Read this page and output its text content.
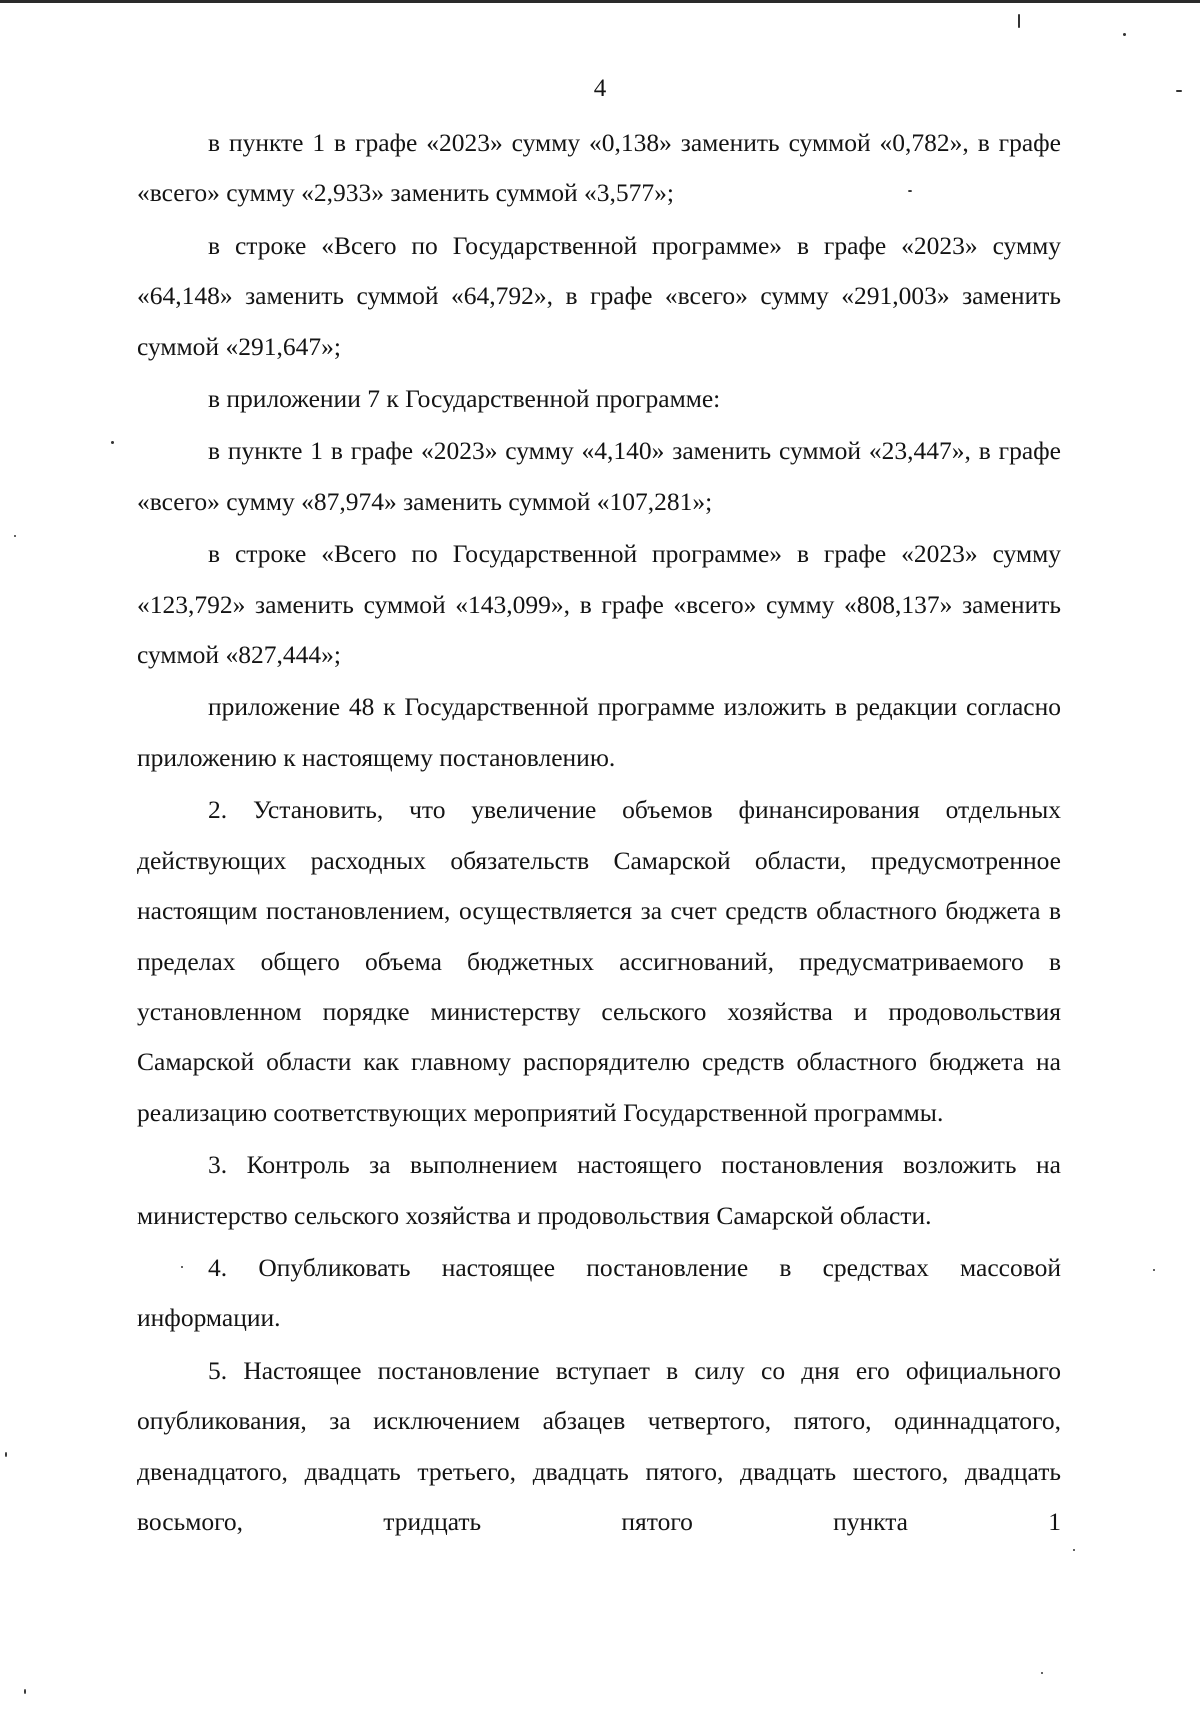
4

в пункте 1 в графе «2023» сумму «0,138» заменить суммой «0,782», в графе «всего» сумму «2,933» заменить суммой «3,577»;

в строке «Всего по Государственной программе» в графе «2023» сумму «64,148» заменить суммой «64,792», в графе «всего» сумму «291,003» заменить суммой «291,647»;

в приложении 7 к Государственной программе:

в пункте 1 в графе «2023» сумму «4,140» заменить суммой «23,447», в графе «всего» сумму «87,974» заменить суммой «107,281»;

в строке «Всего по Государственной программе» в графе «2023» сумму «123,792» заменить суммой «143,099», в графе «всего» сумму «808,137» заменить суммой «827,444»;

приложение 48 к Государственной программе изложить в редакции согласно приложению к настоящему постановлению.

2. Установить, что увеличение объемов финансирования отдельных действующих расходных обязательств Самарской области, предусмотренное настоящим постановлением, осуществляется за счет средств областного бюджета в пределах общего объема бюджетных ассигнований, предусматриваемого в установленном порядке министерству сельского хозяйства и продовольствия Самарской области как главному распорядителю средств областного бюджета на реализацию соответствующих мероприятий Государственной программы.

3. Контроль за выполнением настоящего постановления возложить на министерство сельского хозяйства и продовольствия Самарской области.

4. Опубликовать настоящее постановление в средствах массовой информации.

5. Настоящее постановление вступает в силу со дня его официального опубликования, за исключением абзацев четвертого, пятого, одиннадцатого, двенадцатого, двадцать третьего, двадцать пятого, двадцать шестого, двадцать восьмого, тридцать пятого пункта 1
